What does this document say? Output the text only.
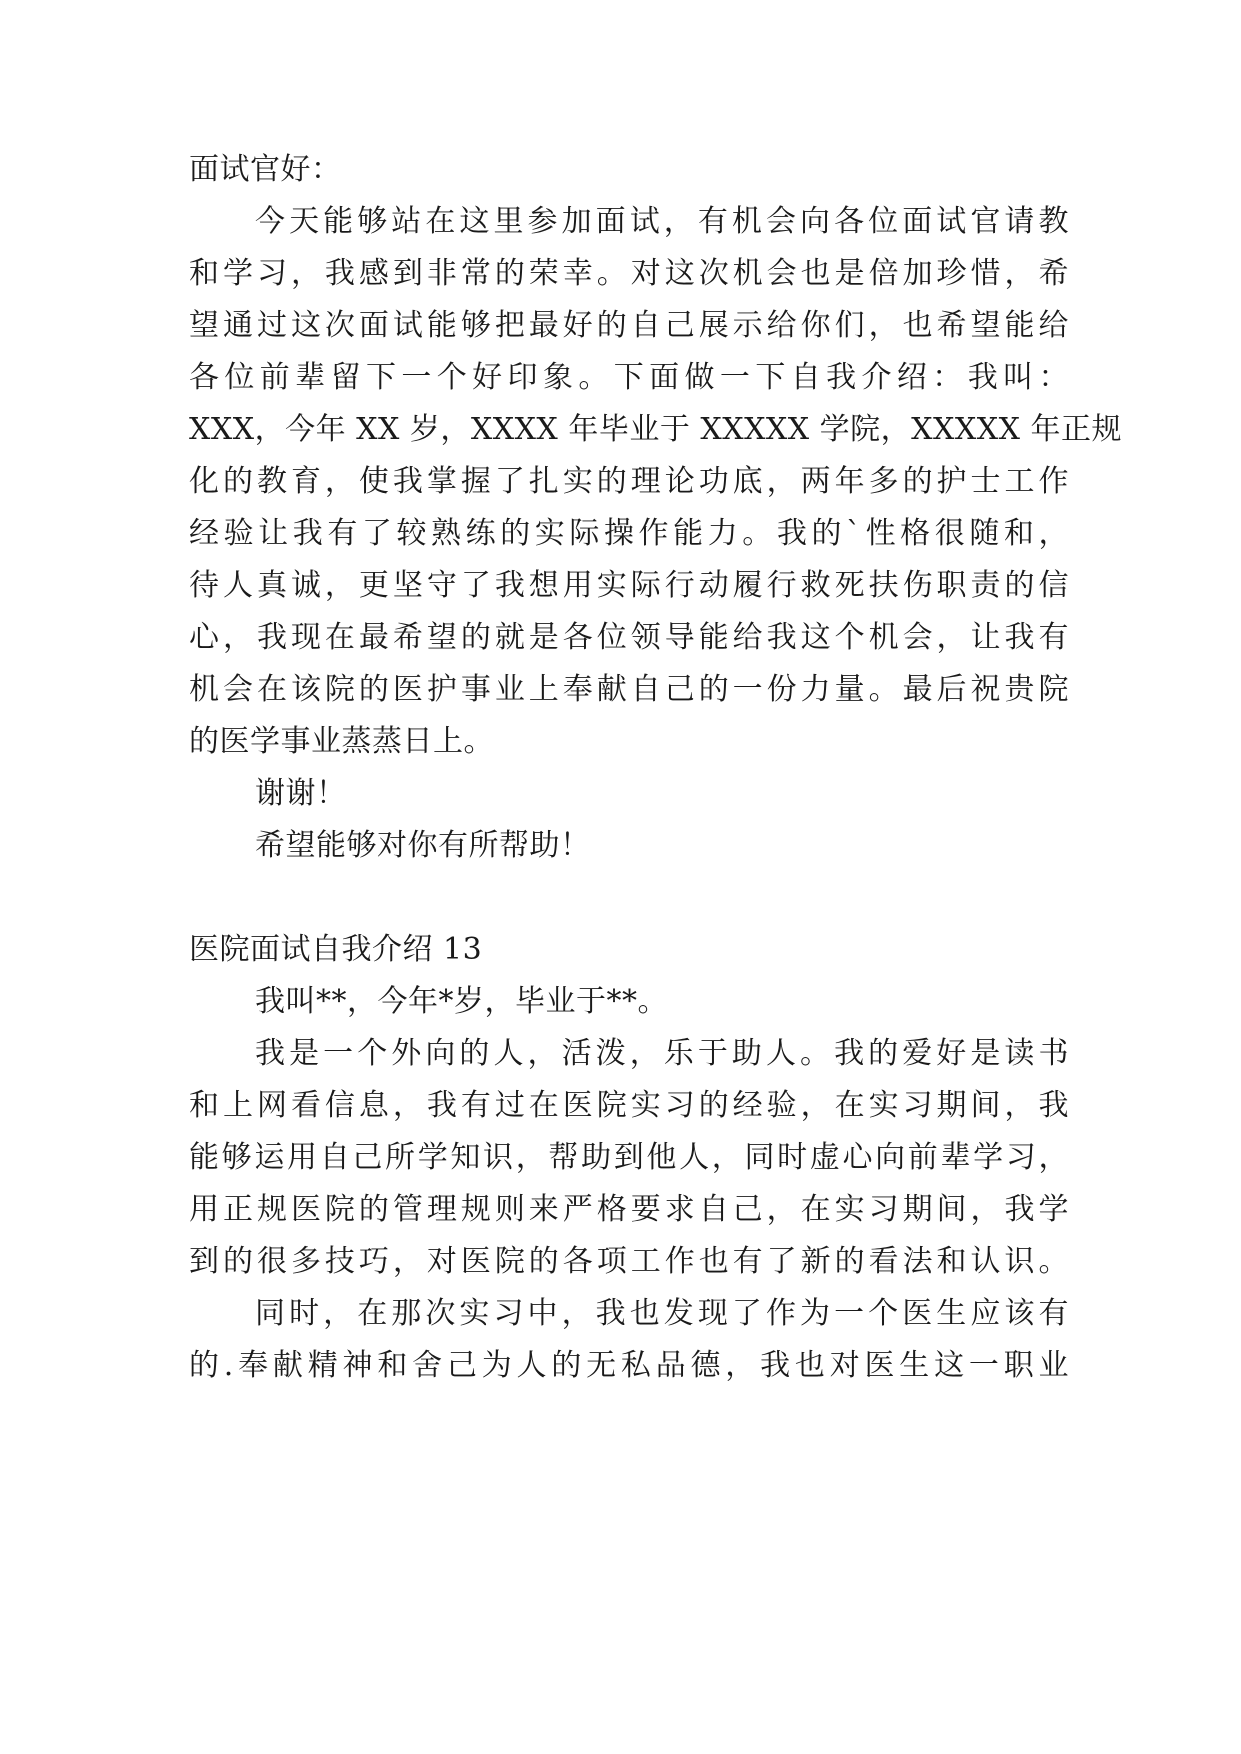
面试官好：
今天能够站在这里参加面试，有机会向各位面试官请教
和学习，我感到非常的荣幸。对这次机会也是倍加珍惜，希
望通过这次面试能够把最好的自己展示给你们，也希望能给
各位前辈留下一个好印象。下面做一下自我介绍：我叫：
XXX，今年 XX 岁，XXXX 年毕业于 XXXXX 学院，XXXXX 年正规
化的教育，使我掌握了扎实的理论功底，两年多的护士工作
经验让我有了较熟练的实际操作能力。我的`性格很随和，
待人真诚，更坚守了我想用实际行动履行救死扶伤职责的信
心，我现在最希望的就是各位领导能给我这个机会，让我有
机会在该院的医护事业上奉献自己的一份力量。最后祝贵院
的医学事业蒸蒸日上。
谢谢！
希望能够对你有所帮助！
医院面试自我介绍 13
我叫**，今年*岁，毕业于**。
我是一个外向的人，活泼，乐于助人。我的爱好是读书
和上网看信息，我有过在医院实习的经验，在实习期间，我
能够运用自己所学知识，帮助到他人，同时虚心向前辈学习，
用正规医院的管理规则来严格要求自己，在实习期间，我学
到的很多技巧，对医院的各项工作也有了新的看法和认识。
同时，在那次实习中，我也发现了作为一个医生应该有
的.奉献精神和舍己为人的无私品德，我也对医生这一职业
